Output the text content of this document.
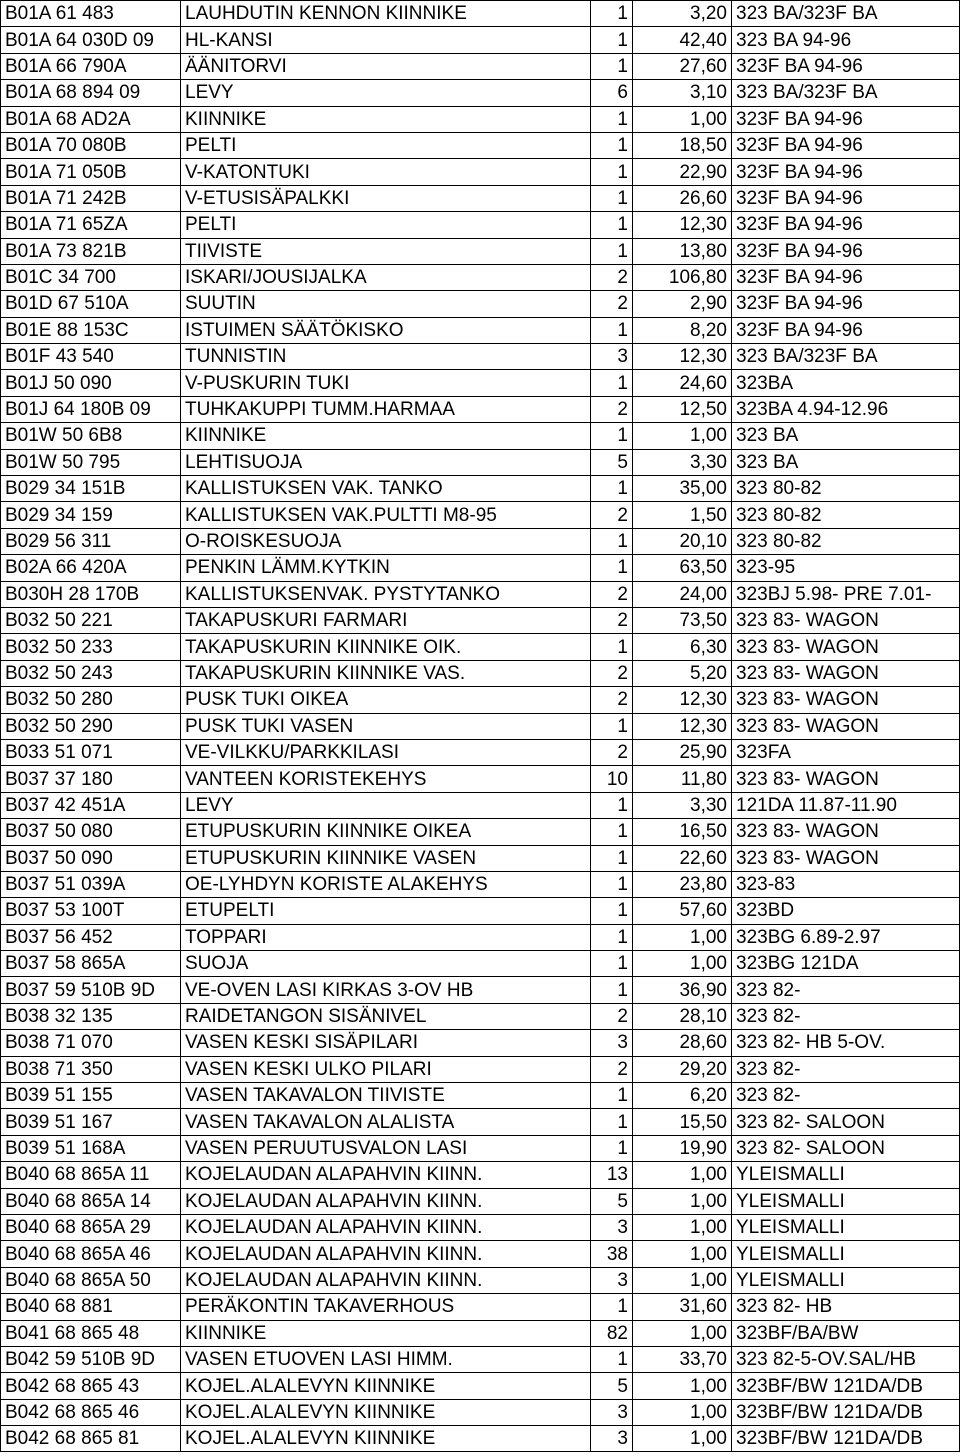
B01A 61 483	LAUHDUTIN KENNON KIINNIKE	1	3,20	323 BA/323F BA
B01A 64 030D 09	HL-KANSI	1	42,40	323 BA 94-96
B01A 66 790A	ÄÄNITORVI	1	27,60	323F BA 94-96
B01A 68 894 09	LEVY	6	3,10	323 BA/323F BA
B01A 68 AD2A	KIINNIKE	1	1,00	323F BA 94-96
B01A 70 080B	PELTI	1	18,50	323F BA 94-96
B01A 71 050B	V-KATONTUKI	1	22,90	323F BA 94-96
B01A 71 242B	V-ETUSISÄPALKKI	1	26,60	323F BA 94-96
B01A 71 65ZA	PELTI	1	12,30	323F BA 94-96
B01A 73 821B	TIIVISTE	1	13,80	323F BA 94-96
B01C 34 700	ISKARI/JOUSIJALKA	2	106,80	323F BA 94-96
B01D 67 510A	SUUTIN	2	2,90	323F BA 94-96
B01E 88 153C	ISTUIMEN SÄÄTÖKISKO	1	8,20	323F BA 94-96
B01F 43 540	TUNNISTIN	3	12,30	323 BA/323F BA
B01J 50 090	V-PUSKURIN TUKI	1	24,60	323BA
B01J 64 180B 09	TUHKAKUPPI TUMM.HARMAA	2	12,50	323BA 4.94-12.96
B01W 50 6B8	KIINNIKE	1	1,00	323 BA
B01W 50 795	LEHTISUOJA	5	3,30	323 BA
B029 34 151B	KALLISTUKSEN VAK. TANKO	1	35,00	323 80-82
B029 34 159	KALLISTUKSEN VAK.PULTTI M8-95	2	1,50	323 80-82
B029 56 311	O-ROISKESUOJA	1	20,10	323 80-82
B02A 66 420A	PENKIN LÄMM.KYTKIN	1	63,50	323-95
B030H 28 170B	KALLISTUKSENVAK. PYSTYTANKO	2	24,00	323BJ 5.98- PRE 7.01-
B032 50 221	TAKAPUSKURI FARMARI	2	73,50	323 83- WAGON
B032 50 233	TAKAPUSKURIN KIINNIKE OIK.	1	6,30	323 83- WAGON
B032 50 243	TAKAPUSKURIN KIINNIKE VAS.	2	5,20	323 83- WAGON
B032 50 280	PUSK TUKI OIKEA	2	12,30	323 83- WAGON
B032 50 290	PUSK TUKI VASEN	1	12,30	323 83- WAGON
B033 51 071	VE-VILKKU/PARKKILASI	2	25,90	323FA
B037 37 180	VANTEEN KORISTEKEHYS	10	11,80	323 83- WAGON
B037 42 451A	LEVY	1	3,30	121DA 11.87-11.90
B037 50 080	ETUPUSKURIN KIINNIKE OIKEA	1	16,50	323 83- WAGON
B037 50 090	ETUPUSKURIN KIINNIKE VASEN	1	22,60	323 83- WAGON
B037 51 039A	OE-LYHDYN KORISTE ALAKEHYS	1	23,80	323-83
B037 53 100T	ETUPELTI	1	57,60	323BD
B037 56 452	TOPPARI	1	1,00	323BG 6.89-2.97
B037 58 865A	SUOJA	1	1,00	323BG 121DA
B037 59 510B 9D	VE-OVEN LASI KIRKAS 3-OV HB	1	36,90	323 82-
B038 32 135	RAIDETANGON SISÄNIVEL	2	28,10	323 82-
B038 71 070	VASEN KESKI SISÄPILARI	3	28,60	323 82- HB 5-OV.
B038 71 350	VASEN KESKI ULKO PILARI	2	29,20	323 82-
B039 51 155	VASEN TAKAVALON TIIVISTE	1	6,20	323 82-
B039 51 167	VASEN TAKAVALON ALALISTA	1	15,50	323 82- SALOON
B039 51 168A	VASEN PERUUTUSVALON LASI	1	19,90	323 82- SALOON
B040 68 865A 11	KOJELAUDAN ALAPAHVIN KIINN.	13	1,00	YLEISMALLI
B040 68 865A 14	KOJELAUDAN ALAPAHVIN KIINN.	5	1,00	YLEISMALLI
B040 68 865A 29	KOJELAUDAN ALAPAHVIN KIINN.	3	1,00	YLEISMALLI
B040 68 865A 46	KOJELAUDAN ALAPAHVIN KIINN.	38	1,00	YLEISMALLI
B040 68 865A 50	KOJELAUDAN ALAPAHVIN KIINN.	3	1,00	YLEISMALLI
B040 68 881	PERÄKONTIN TAKAVERHOUS	1	31,60	323 82- HB
B041 68 865 48	KIINNIKE	82	1,00	323BF/BA/BW
B042 59 510B 9D	VASEN ETUOVEN LASI HIMM.	1	33,70	323 82-5-OV.SAL/HB
B042 68 865 43	KOJEL.ALALEVYN KIINNIKE	5	1,00	323BF/BW 121DA/DB
B042 68 865 46	KOJEL.ALALEVYN KIINNIKE	3	1,00	323BF/BW 121DA/DB
B042 68 865 81	KOJEL.ALALEVYN KIINNIKE	3	1,00	323BF/BW 121DA/DB
